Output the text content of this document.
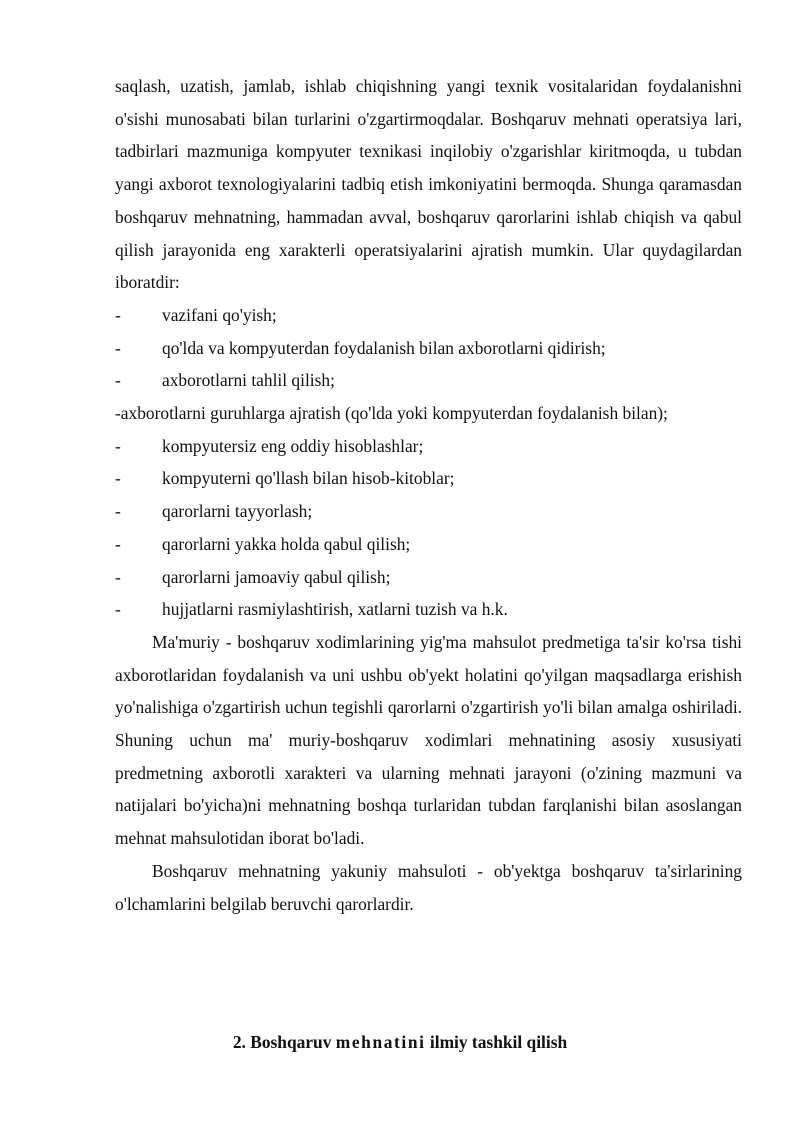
saqlash, uzatish, jamlab, ishlab chiqishning yangi texnik vositalaridan foydalanishni o'sishi munosabati bilan turlarini o'zgartirmoqdalar. Boshqaruv mehnati operatsiya lari, tadbirlari mazmuniga kompyuter texnikasi inqilobiy o'zgarishlar kiritmoqda, u tubdan yangi axborot texnologiyalarini tadbiq etish imkoniyatini bermoqda. Shunga qaramasdan boshqaruv mehnatning, hammadan avval, boshqaruv qarorlarini ishlab chiqish va qabul qilish jarayonida eng xarakterli operatsiyalarini ajratish mumkin. Ular quydagilardan iboratdir:

-	vazifani qo'yish;
-	qo'lda va kompyuterdan foydalanish bilan axborotlarni qidirish;
-	axborotlarni tahlil qilish;
- axborotlarni guruhlarga ajratish (qo'lda yoki kompyuterdan foydalanish bilan);
-	kompyutersiz eng oddiy hisoblashlar;
-	kompyuterni qo'llash bilan hisob-kitoblar;
-	qarorlarni tayyorlash;
-	qarorlarni yakka holda qabul qilish;
-	qarorlarni jamoaviy qabul qilish;
-	hujjatlarni rasmiylashtirish, xatlarni tuzish va h.k.

Ma'muriy - boshqaruv xodimlarining yig'ma mahsulot predmetiga ta'sir ko'rsa tishi axborotlaridan foydalanish va uni ushbu ob'yekt holatini qo'yilgan maqsadlarga erishish yo'nalishiga o'zgartirish uchun tegishli qarorlarni o'zgartirish yo'li bilan amalga oshiriladi. Shuning uchun ma' muriy-boshqaruv xodimlari mehnatining asosiy xususiyati predmetning axborotli xarakteri va ularning mehnati jarayoni (o'zining mazmuni va natijalari bo'yicha)ni mehnatning boshqa turlaridan tubdan farqlanishi bilan asoslangan mehnat mahsulotidan iborat bo'ladi.

Boshqaruv mehnatning yakuniy mahsuloti - ob'yektga boshqaruv ta'sirlarining o'lchamlarini belgilab beruvchi qarorlardir.

2. Boshqaruv mehnatini ilmiy tashkil qilish
